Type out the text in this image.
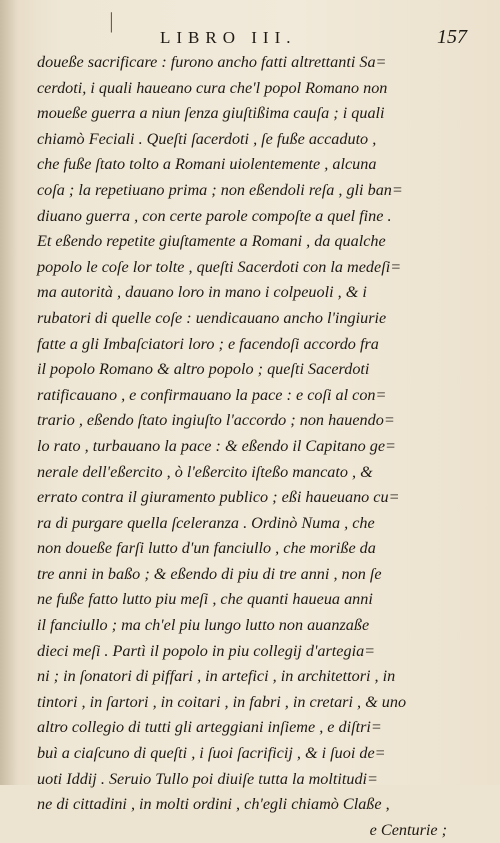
|
LIBRO III.	157
doueße sacrificare : furono ancho fatti altrettanti Sa=
cerdoti, i quali haueano cura che'l popol Romano non
moueße guerra a niun ſenza giuſtißima cauſa ; i quali
chiamò Feciali . Queſti ſacerdoti , ſe fuße accaduto ,
che fuße ſtato tolto a Romani uiolentemente , alcuna
coſa ; la repetiuano prima ; non eßendoli reſa , gli ban=
diuano guerra , con certe parole compoſte a quel fine .
Et eßendo repetite giuſtamente a Romani , da qualche
popolo le coſe lor tolte , queſti Sacerdoti con la medeſi=
ma autorità , dauano loro in mano i colpeuoli , & i
rubatori di quelle coſe : uendicauano ancho l'ingiurie
fatte a gli Imbaſciatori loro ; e facendoſi accordo fra
il popolo Romano & altro popolo ; queſti Sacerdoti
ratificauano , e confirmauano la pace : e coſi al con=
trario , eßendo ſtato ingiuſto l'accordo ; non hauendo=
lo rato , turbauano la pace : & eßendo il Capitano ge=
nerale dell'eßercito , ò l'eßercito iſteßo mancato , &
errato contra il giuramento publico ; eßi haueuano cu=
ra di purgare quella ſceleranza . Ordinò Numa , che
non doueße farſi lutto d'un fanciullo , che moriße da
tre anni in baßo ; & eßendo di piu di tre anni , non ſe
ne fuße fatto lutto piu meſi , che quanti haueua anni
il fanciullo ; ma ch'el piu lungo lutto non auanzaße
dieci meſi . Partì il popolo in piu collegij d'artegia=
ni ; in ſonatori di piffari , in artefici , in architettori , in
tintori , in ſartori , in coitari , in fabri , in cretari , & uno
altro collegio di tutti gli arteggiani inſieme , e diſtri=
buì a ciaſcuno di queſti , i ſuoi ſacrificij , & i ſuoi de=
uoti Iddij . Seruio Tullo poi diuiſe tutta la moltitudi=
ne di cittadini , in molti ordini , ch'egli chiamò Claße ,
e Centurie ;
